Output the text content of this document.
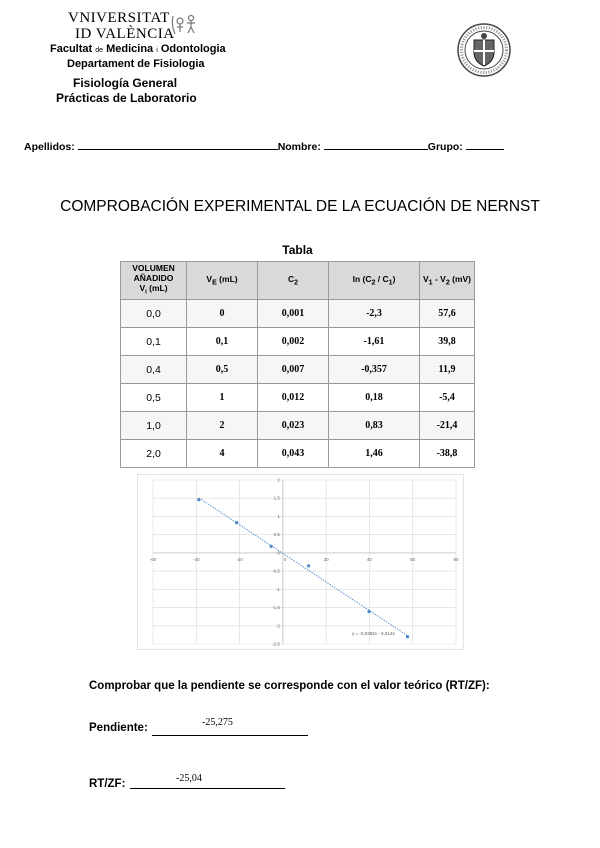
VNIVERSITAT
ID VALÈNCIA
Facultat de Medicina i Odontologia
Departament de Fisiologia
Fisiología General
Prácticas de Laboratorio
Apellidos:	Nombre:	Grupo:
COMPROBACIÓN EXPERIMENTAL DE LA ECUACIÓN DE NERNST
Tabla
VOLUMEN AÑADIDO
$V_i$ (mL)	$V_E$ (mL)	$C_2$	$\ln (C_2 / C_1)$	$V_1 - V_2$ (mV)
0,0	0	0,001	-2,3	57,6
0,1	0,1	0,002	-1,61	39,8
0,4	0,5	0,007	-0,357	11,9
0,5	1	0,012	0,18	-5,4
1,0	2	0,023	0,83	-21,4
2,0	4	0,043	1,46	-38,8
-60	-40	-20	20	40	60	80
2
1,5
1
0,5
0
-0,5
-1
-1,5
-2
-2,5
0
y = -0,0392x - 0,0142
Comprobar que la pendiente se corresponde con el valor teórico (RT/ZF):
Pendiente:	-25,275
RT/ZF:	-25,04
